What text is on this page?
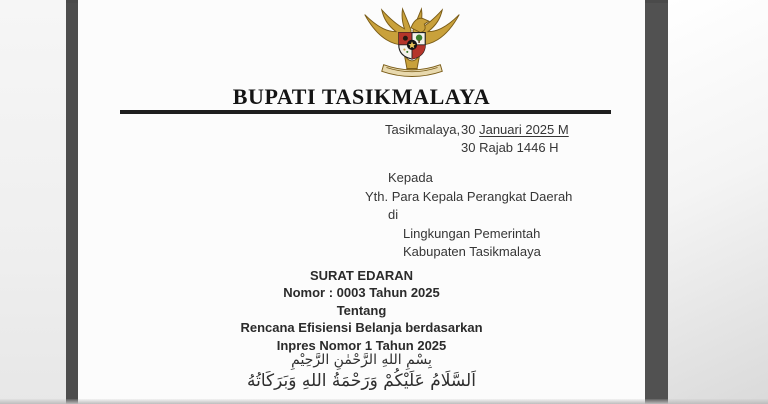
BUPATI TASIKMALAYA
Tasikmalaya,30 Januari 2025 M
30 Rajab 1446 H
Kepada
Yth. Para Kepala Perangkat Daerah
di
Lingkungan Pemerintah
Kabupaten Tasikmalaya
SURAT EDARAN
Nomor : 0003 Tahun 2025
Tentang
Rencana Efisiensi Belanja berdasarkan
Inpres Nomor 1 Tahun 2025
بِسْمِ اللهِ الرَّحْمٰنِ الرَّحِيْمِ
اَلسَّلَامُ عَلَيْكُمْ وَرَحْمَةُ اللهِ وَبَرَكَاتُهُ
